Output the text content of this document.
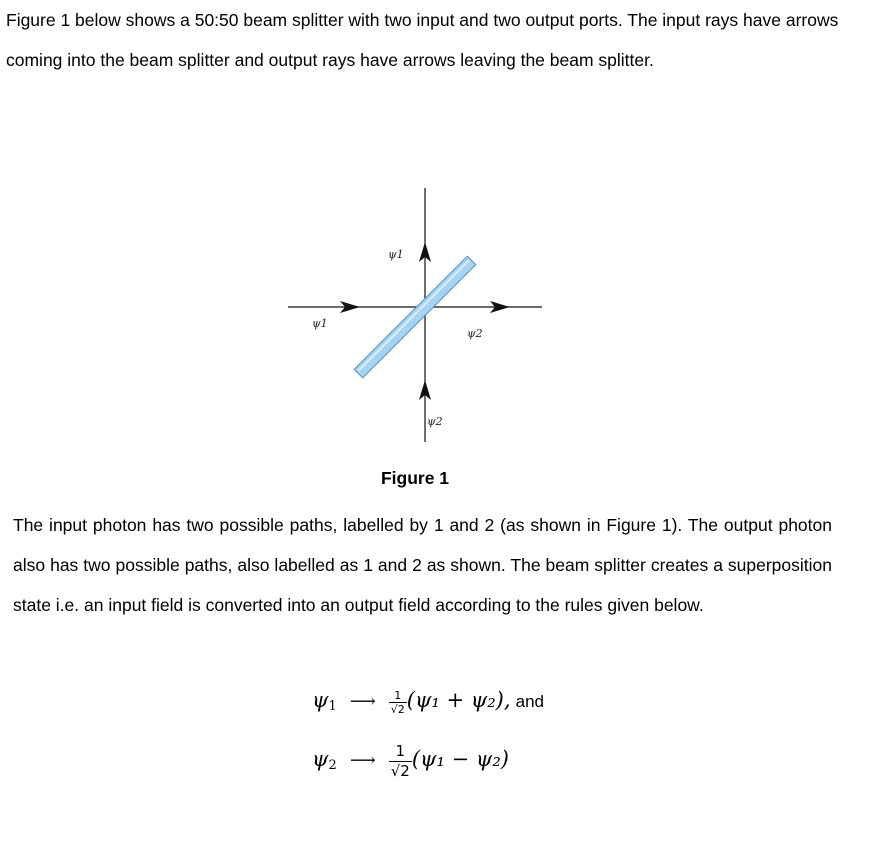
Figure 1 below shows a 50:50 beam splitter with two input and two output ports. The input rays have arrows coming into the beam splitter and output rays have arrows leaving the beam splitter.

ψ1
ψ1
ψ2
ψ2

Figure 1

The input photon has two possible paths, labelled by 1 and 2 (as shown in Figure 1). The output photon also has two possible paths, also labelled as 1 and 2 as shown. The beam splitter creates a superposition state i.e. an input field is converted into an output field according to the rules given below.

$\psi_1$ ⟶ $\frac{1}{√2} (\psi_1 + \psi_2)$, and
$\psi_2$ ⟶ $\frac{1}{√2} (\psi_1 - \psi_2)$
